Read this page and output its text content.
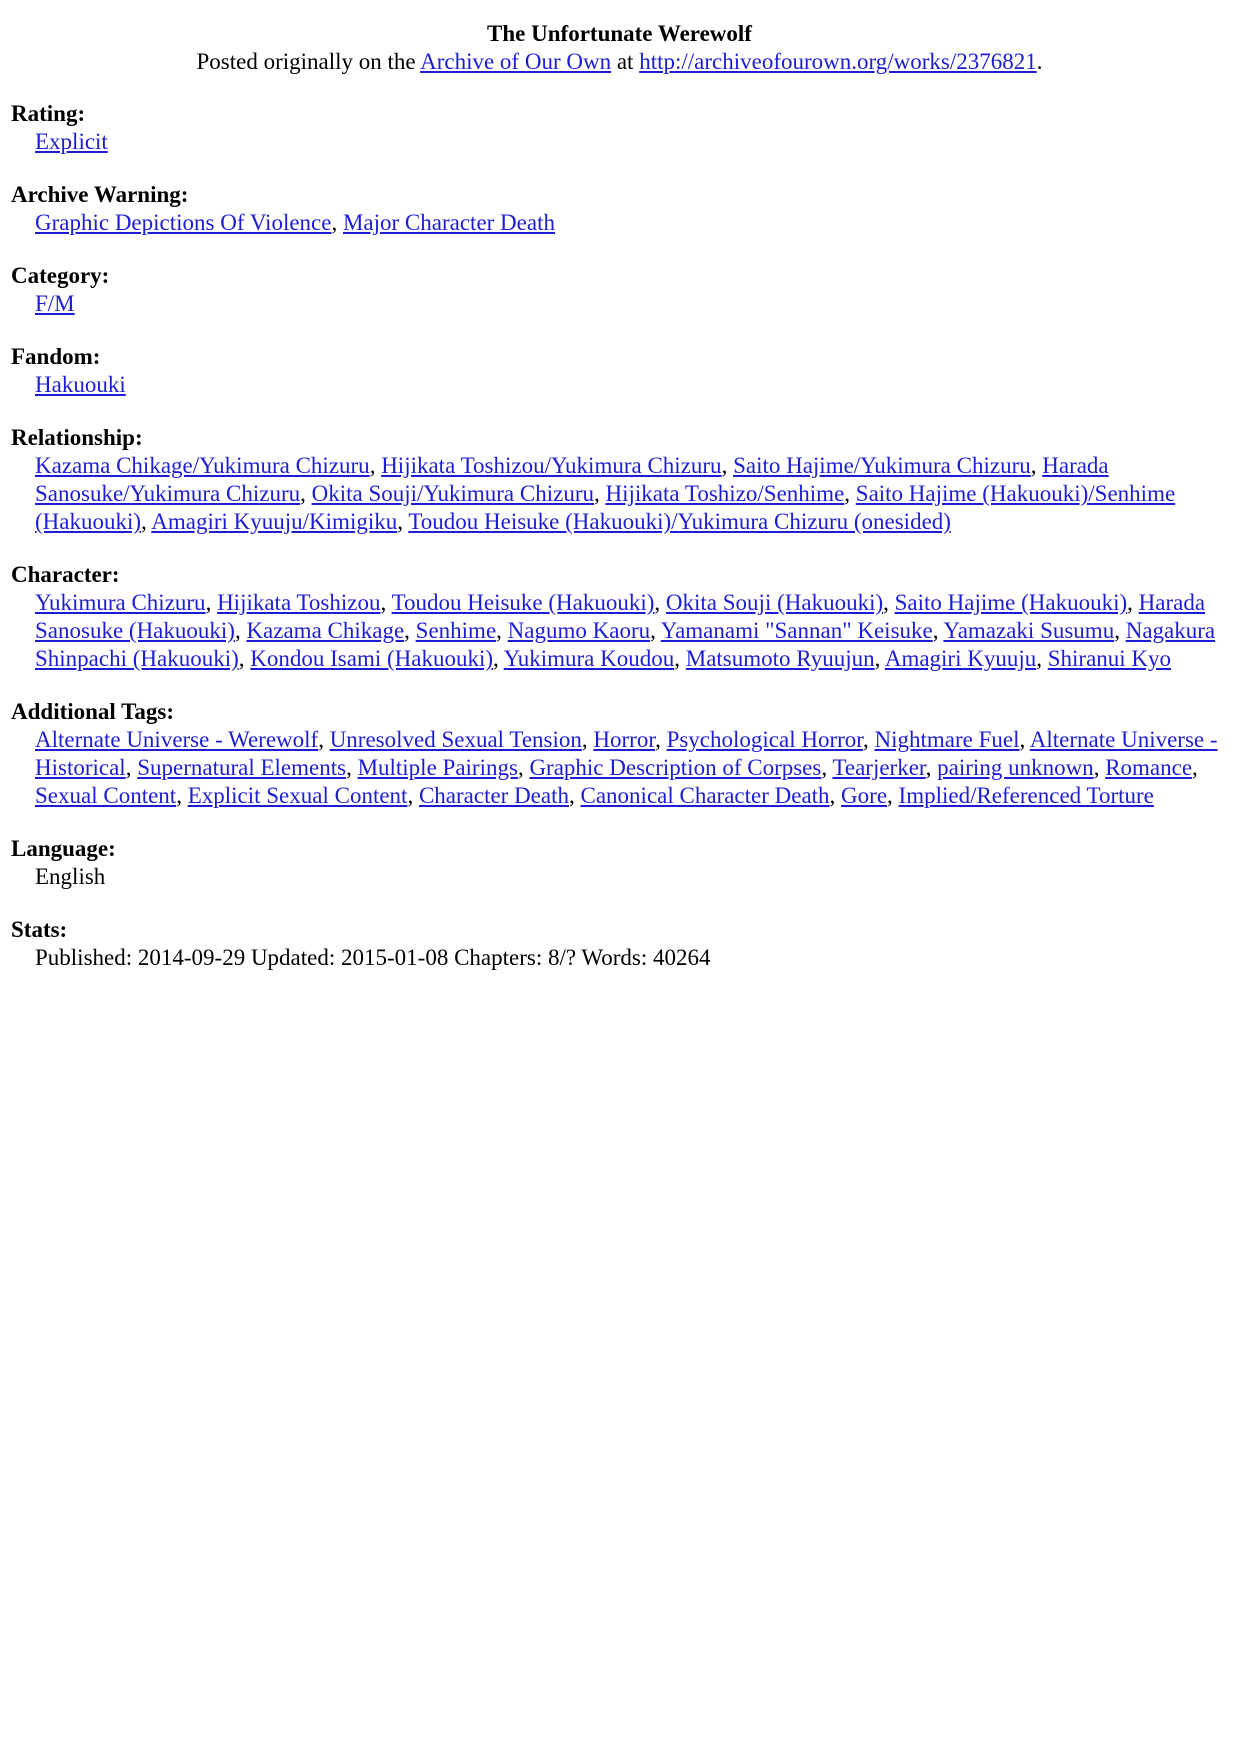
The Unfortunate Werewolf
Posted originally on the Archive of Our Own at http://archiveofourown.org/works/2376821.
Rating:
Explicit
Archive Warning:
Graphic Depictions Of Violence, Major Character Death
Category:
F/M
Fandom:
Hakuouki
Relationship:
Kazama Chikage/Yukimura Chizuru, Hijikata Toshizou/Yukimura Chizuru, Saito Hajime/Yukimura Chizuru, Harada Sanosuke/Yukimura Chizuru, Okita Souji/Yukimura Chizuru, Hijikata Toshizo/Senhime, Saito Hajime (Hakuouki)/Senhime (Hakuouki), Amagiri Kyuuju/Kimigiku, Toudou Heisuke (Hakuouki)/Yukimura Chizuru (onesided)
Character:
Yukimura Chizuru, Hijikata Toshizou, Toudou Heisuke (Hakuouki), Okita Souji (Hakuouki), Saito Hajime (Hakuouki), Harada Sanosuke (Hakuouki), Kazama Chikage, Senhime, Nagumo Kaoru, Yamanami "Sannan" Keisuke, Yamazaki Susumu, Nagakura Shinpachi (Hakuouki), Kondou Isami (Hakuouki), Yukimura Koudou, Matsumoto Ryuujun, Amagiri Kyuuju, Shiranui Kyo
Additional Tags:
Alternate Universe - Werewolf, Unresolved Sexual Tension, Horror, Psychological Horror, Nightmare Fuel, Alternate Universe - Historical, Supernatural Elements, Multiple Pairings, Graphic Description of Corpses, Tearjerker, pairing unknown, Romance, Sexual Content, Explicit Sexual Content, Character Death, Canonical Character Death, Gore, Implied/Referenced Torture
Language:
English
Stats:
Published: 2014-09-29 Updated: 2015-01-08 Chapters: 8/? Words: 40264
